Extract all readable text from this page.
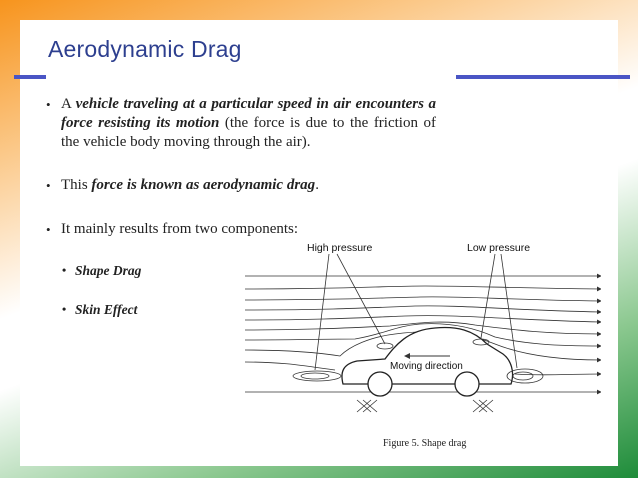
Aerodynamic Drag
• A vehicle traveling at a particular speed in air encounters a force resisting its motion (the force is due to the friction of the vehicle body moving through the air).
• This force is known as aerodynamic drag.
• It mainly results from two components:
• Shape Drag
• Skin Effect
High pressure	Low pressure
Moving direction
Figure 5. Shape drag
